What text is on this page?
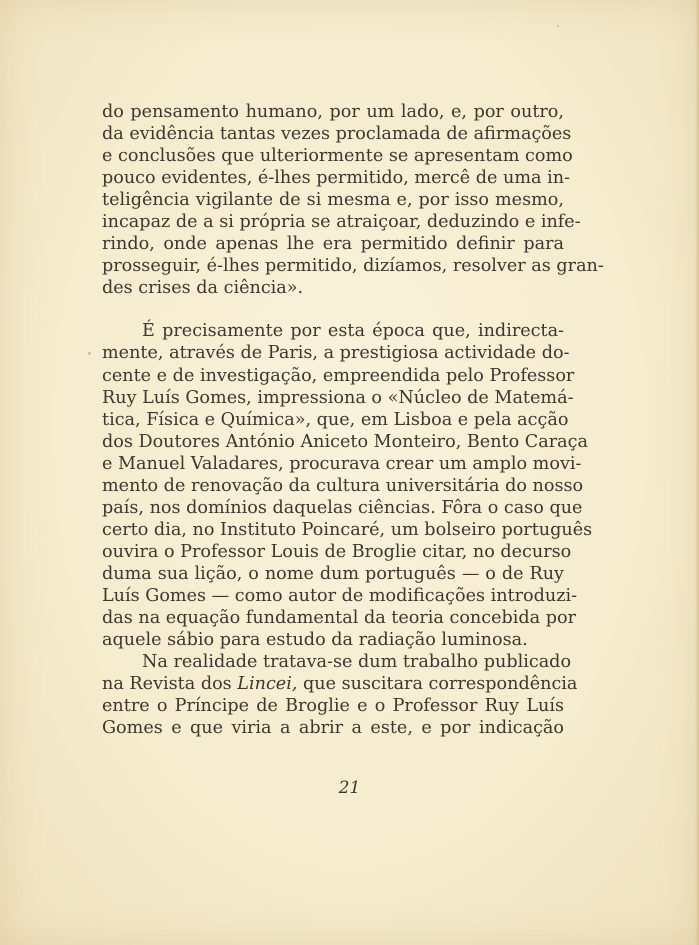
do pensamento humano, por um lado, e, por outro,
da evidência tantas vezes proclamada de afirmações
e conclusões que ulteriormente se apresentam como
pouco evidentes, é-lhes permitido, mercê de uma in-
teligência vigilante de si mesma e, por isso mesmo,
incapaz de a si própria se atraiçoar, deduzindo e infe-
rindo, onde apenas lhe era permitido definir para
prosseguir, é-lhes permitido, dizíamos, resolver as gran-
des crises da ciência».
É precisamente por esta época que, indirecta-
mente, através de Paris, a prestigiosa actividade do-
cente e de investigação, empreendida pelo Professor
Ruy Luís Gomes, impressiona o «Núcleo de Matemá-
tica, Física e Química», que, em Lisboa e pela acção
dos Doutores António Aniceto Monteiro, Bento Caraça
e Manuel Valadares, procurava crear um amplo movi-
mento de renovação da cultura universitária do nosso
país, nos domínios daquelas ciências. Fôra o caso que
certo dia, no Instituto Poincaré, um bolseiro português
ouvira o Professor Louis de Broglie citar, no decurso
duma sua lição, o nome dum português — o de Ruy
Luís Gomes — como autor de modificações introduzi-
das na equação fundamental da teoria concebida por
aquele sábio para estudo da radiação luminosa.
Na realidade tratava-se dum trabalho publicado
na Revista dos Lincei, que suscitara correspondência
entre o Príncipe de Broglie e o Professor Ruy Luís
Gomes e que viria a abrir a este, e por indicação
21
